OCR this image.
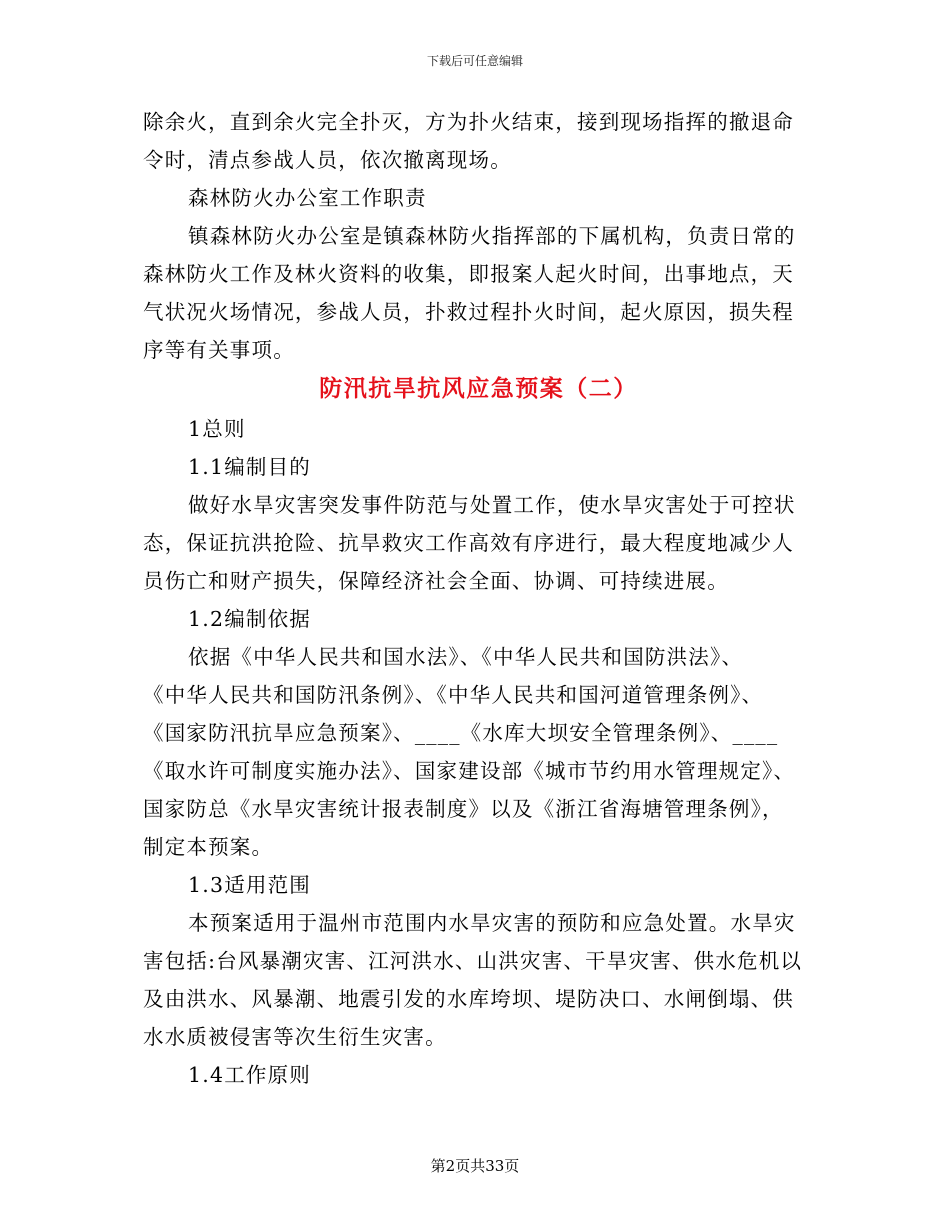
下载后可任意编辑
除余火，直到余火完全扑灭，方为扑火结束，接到现场指挥的撤退命
令时，清点参战人员，依次撤离现场。
森林防火办公室工作职责
镇森林防火办公室是镇森林防火指挥部的下属机构，负责日常的
森林防火工作及林火资料的收集，即报案人起火时间，出事地点，天
气状况火场情况，参战人员，扑救过程扑火时间，起火原因，损失程
序等有关事项。
防汛抗旱抗风应急预案（二）
1总则
1.1编制目的
做好水旱灾害突发事件防范与处置工作，使水旱灾害处于可控状
态，保证抗洪抢险、抗旱救灾工作高效有序进行，最大程度地减少人
员伤亡和财产损失，保障经济社会全面、协调、可持续进展。
1.2编制依据
依据《中华人民共和国水法》、《中华人民共和国防洪法》、
《中华人民共和国防汛条例》、《中华人民共和国河道管理条例》、
《国家防汛抗旱应急预案》、____《水库大坝安全管理条例》、____
《取水许可制度实施办法》、国家建设部《城市节约用水管理规定》、
国家防总《水旱灾害统计报表制度》以及《浙江省海塘管理条例》，
制定本预案。
1.3适用范围
本预案适用于温州市范围内水旱灾害的预防和应急处置。水旱灾
害包括:台风暴潮灾害、江河洪水、山洪灾害、干旱灾害、供水危机以
及由洪水、风暴潮、地震引发的水库垮坝、堤防决口、水闸倒塌、供
水水质被侵害等次生衍生灾害。
1.4工作原则
第2页共33页
